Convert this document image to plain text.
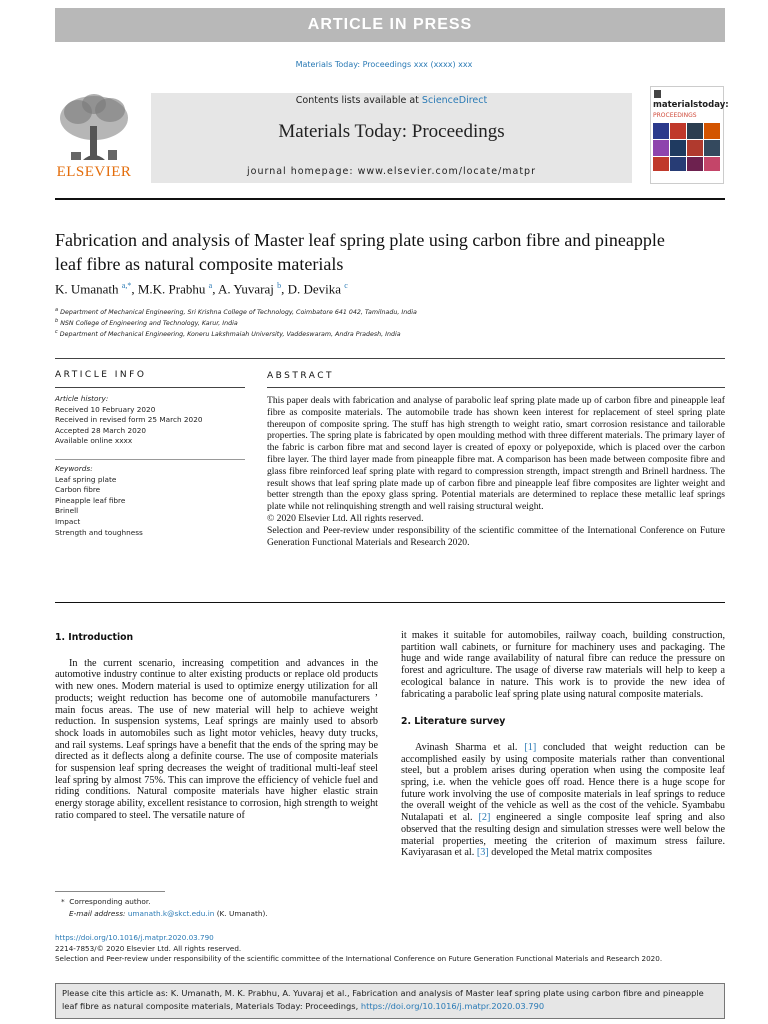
ARTICLE IN PRESS
Materials Today: Proceedings xxx (xxxx) xxx
ELSEVIER
Contents lists available at ScienceDirect
Materials Today: Proceedings
journal homepage: www.elsevier.com/locate/matpr
materialstoday:
PROCEEDINGS
Fabrication and analysis of Master leaf spring plate using carbon fibre and pineapple leaf fibre as natural composite materials
K. Umanath $^{a,*}$, M.K. Prabhu $^a$, A. Yuvaraj $^b$, D. Devika $^c$
$^a$ Department of Mechanical Engineering, Sri Krishna College of Technology, Coimbatore 641 042, Tamilnadu, India
$^b$ NSN College of Engineering and Technology, Karur, India
$^c$ Department of Mechanical Engineering, Koneru Lakshmaiah University, Vaddeswaram, Andra Pradesh, India
ARTICLE INFO	ABSTRACT
Article history:
Received 10 February 2020
Received in revised form 25 March 2020
Accepted 28 March 2020
Available online xxxx
Keywords:
Leaf spring plate
Carbon fibre
Pineapple leaf fibre
Brinell
Impact
Strength and toughness

This paper deals with fabrication and analyse of parabolic leaf spring plate made up of carbon fibre and pineapple leaf fibre as composite materials. The automobile trade has shown keen interest for replacement of steel spring plate thereupon of composite spring. The stuff has high strength to weight ratio, smart corrosion resistance and tailorable properties. The spring plate is fabricated by open moulding method with three different materials. The primary layer of the fabric is carbon fibre mat and second layer is created of epoxy or polyepoxide, which is placed over the carbon fibre layer. The third layer made from pineapple fibre mat. A comparison has been made between composite fibre and glass fibre reinforced leaf spring plate with regard to compression strength, impact strength and Brinell hardness. The result shows that leaf spring plate made up of carbon fibre and pineapple leaf fibre composites are lighter weight and better strength than the epoxy glass spring. Potential materials are determined to replace these metallic leaf springs plate while not relinquishing strength and well raising structural weight.

© 2020 Elsevier Ltd. All rights reserved.

Selection and Peer-review under responsibility of the scientific committee of the International Conference on Future Generation Functional Materials and Research 2020.

1. Introduction

In the current scenario, increasing competition and advances in the automotive industry continue to alter existing products or replace old products with new ones. Modern material is used to optimize energy utilization for all products; weight reduction has become one of automobile manufacturers ’ main focus areas. The use of new material will help to achieve weight reduction. In suspension systems, Leaf springs are mainly used to absorb shock loads in automobiles such as light motor vehicles, heavy duty trucks, and rail systems. Leaf springs have a benefit that the ends of the spring may be directed as it deflects along a definite course. The use of composite materials for suspension leaf spring decreases the weight of traditional multi-leaf steel leaf spring by almost 75%. This can improve the efficiency of vehicle fuel and riding conditions. Natural composite materials have higher elastic strain energy storage ability, excellent resistance to corrosion, high strength to weight ratio compared to steel. The versatile nature of

it makes it suitable for automobiles, railway coach, building construction, partition wall cabinets, or furniture for machinery uses and packaging. The huge and wide range availability of natural fibre can reduce the pressure on forest and agriculture. The usage of diverse raw materials will help to keep a ecological balance in nature. This work is to provide the new idea of fabricating a parabolic leaf spring plate using natural composite materials.

2. Literature survey

Avinash Sharma et al. [1] concluded that weight reduction can be accomplished easily by using composite materials rather than conventional steel, but a problem arises during operation when using the composite leaf spring, i.e. when the vehicle goes off road. Hence there is a huge scope for future work involving the use of composite materials in leaf springs to reduce the overall weight of the vehicle as well as the cost of the vehicle. Syambabu Nutalapati et al. [2] engineered a single composite leaf spring and also observed that the resulting design and simulation stresses were well below the material properties, meeting the criterion of maximum stress failure. Kaviyarasan et al. [3] developed the Metal matrix composites

* Corresponding author.
E-mail address: umanath.k@skct.edu.in (K. Umanath).
https://doi.org/10.1016/j.matpr.2020.03.790
2214-7853/© 2020 Elsevier Ltd. All rights reserved.
Selection and Peer-review under responsibility of the scientific committee of the International Conference on Future Generation Functional Materials and Research 2020.
Please cite this article as: K. Umanath, M. K. Prabhu, A. Yuvaraj et al., Fabrication and analysis of Master leaf spring plate using carbon fibre and pineapple leaf fibre as natural composite materials, Materials Today: Proceedings, https://doi.org/10.1016/j.matpr.2020.03.790
